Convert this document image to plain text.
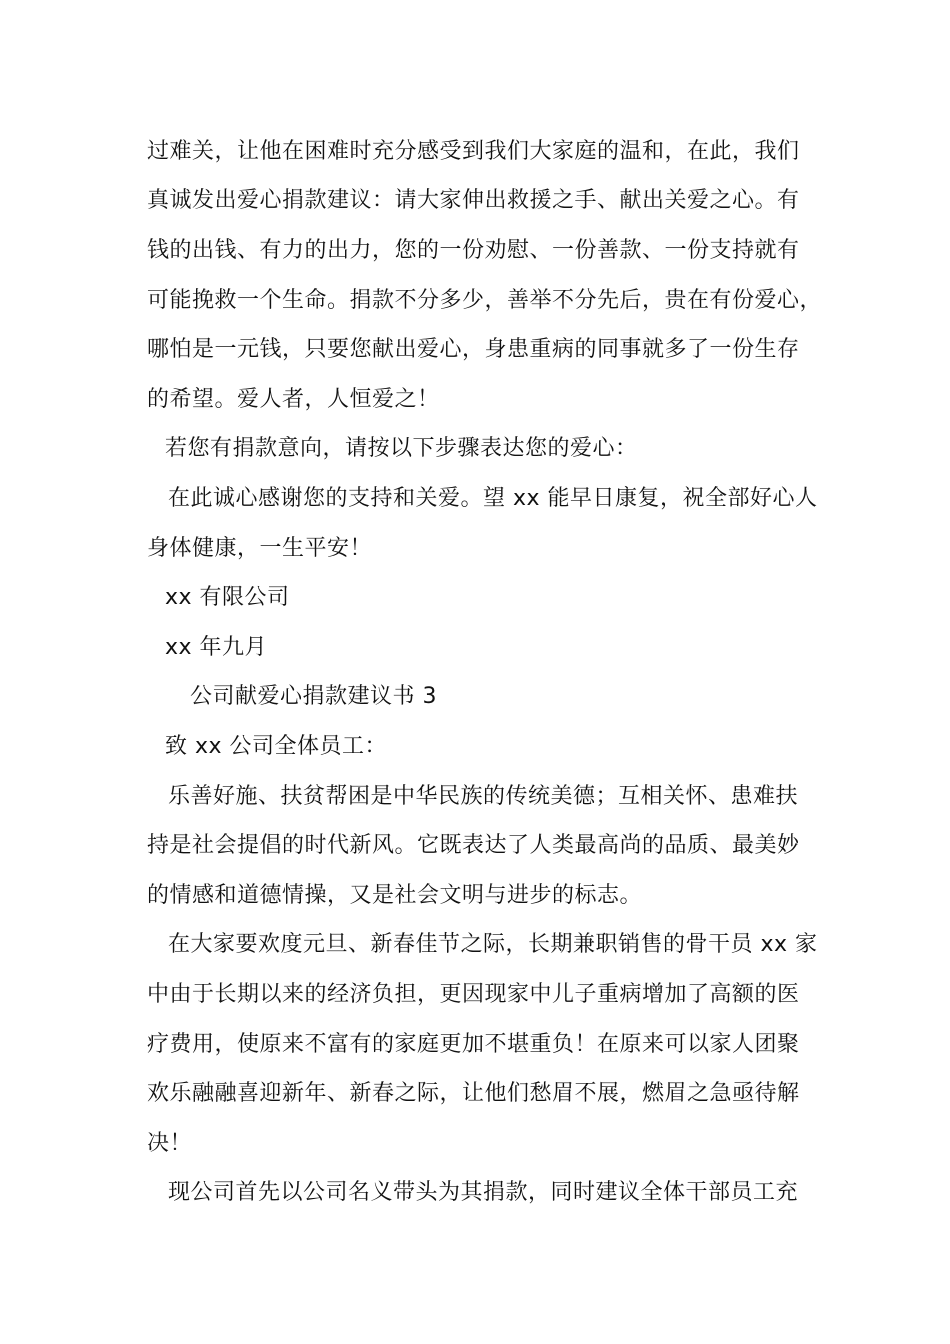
过难关，让他在困难时充分感受到我们大家庭的温和，在此，我们
真诚发出爱心捐款建议：请大家伸出救援之手、献出关爱之心。有
钱的出钱、有力的出力，您的一份劝慰、一份善款、一份支持就有
可能挽救一个生命。捐款不分多少，善举不分先后，贵在有份爱心，
哪怕是一元钱，只要您献出爱心，身患重病的同事就多了一份生存
的希望。爱人者，人恒爱之！
若您有捐款意向，请按以下步骤表达您的爱心：
在此诚心感谢您的支持和关爱。望 xx 能早日康复，祝全部好心人
身体健康，一生平安！
xx 有限公司
xx 年九月
公司献爱心捐款建议书 3
致 xx 公司全体员工：
乐善好施、扶贫帮困是中华民族的传统美德；互相关怀、患难扶
持是社会提倡的时代新风。它既表达了人类最高尚的品质、最美妙
的情感和道德情操，又是社会文明与进步的标志。
在大家要欢度元旦、新春佳节之际，长期兼职销售的骨干员 xx 家
中由于长期以来的经济负担，更因现家中儿子重病增加了高额的医
疗费用，使原来不富有的家庭更加不堪重负！在原来可以家人团聚
欢乐融融喜迎新年、新春之际，让他们愁眉不展，燃眉之急亟待解
决！
现公司首先以公司名义带头为其捐款，同时建议全体干部员工充
